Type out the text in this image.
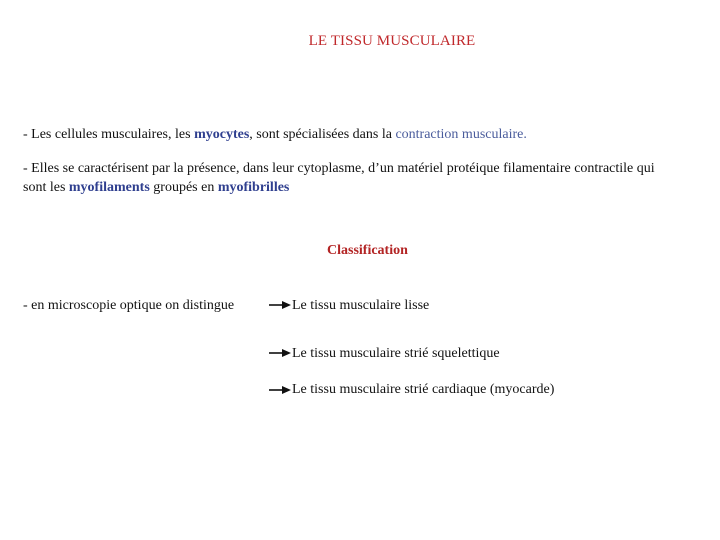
LE TISSU MUSCULAIRE
- Les cellules musculaires, les myocytes, sont spécialisées dans la contraction musculaire.
- Elles se caractérisent par la présence, dans leur cytoplasme, d’un matériel protéique filamentaire contractile qui sont les myofilaments groupés en myofibrilles
Classification
- en microscopie optique on distingue	Le tissu musculaire lisse
Le tissu musculaire strié squelettique
Le tissu musculaire strié cardiaque (myocarde)
